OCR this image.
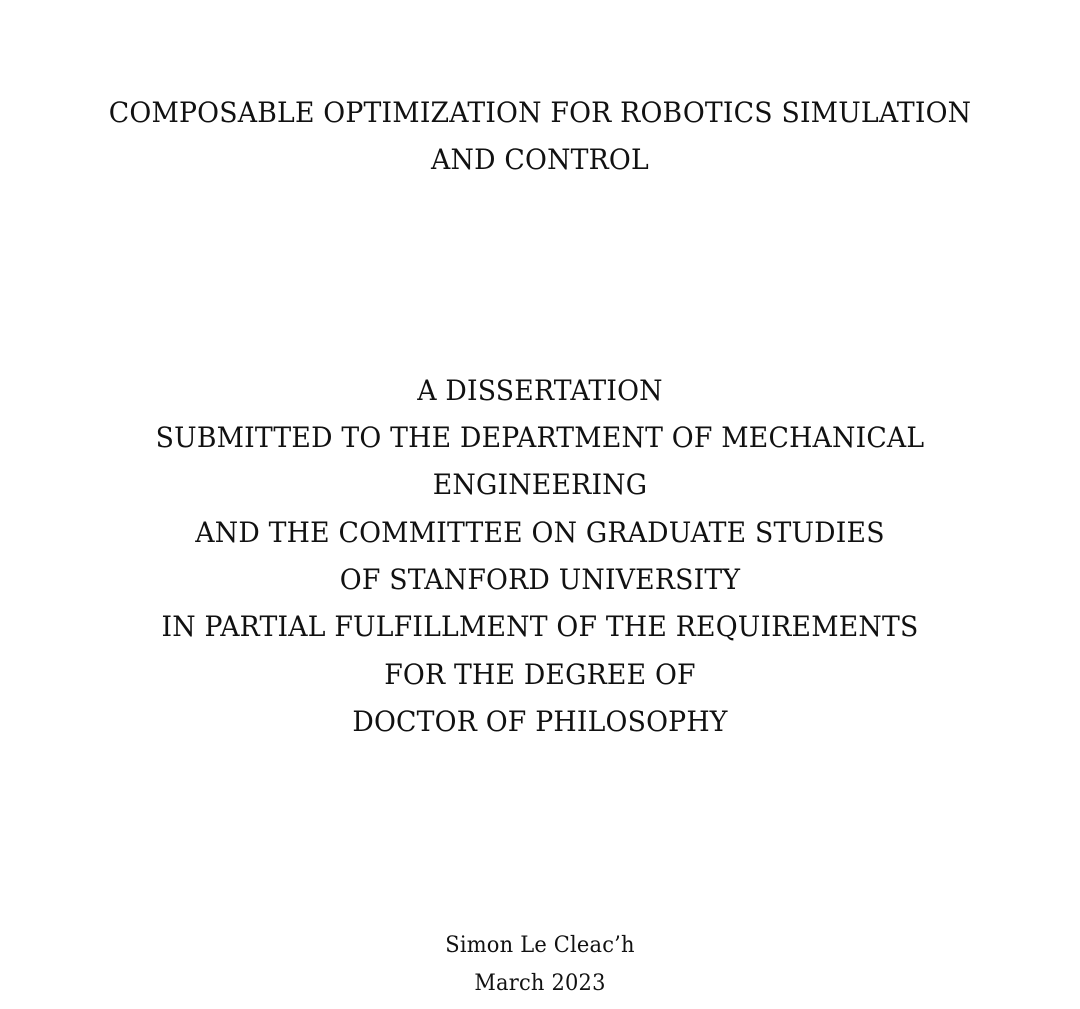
COMPOSABLE OPTIMIZATION FOR ROBOTICS SIMULATION
AND CONTROL
A DISSERTATION
SUBMITTED TO THE DEPARTMENT OF MECHANICAL
ENGINEERING
AND THE COMMITTEE ON GRADUATE STUDIES
OF STANFORD UNIVERSITY
IN PARTIAL FULFILLMENT OF THE REQUIREMENTS
FOR THE DEGREE OF
DOCTOR OF PHILOSOPHY
Simon Le Cleac’h
March 2023
